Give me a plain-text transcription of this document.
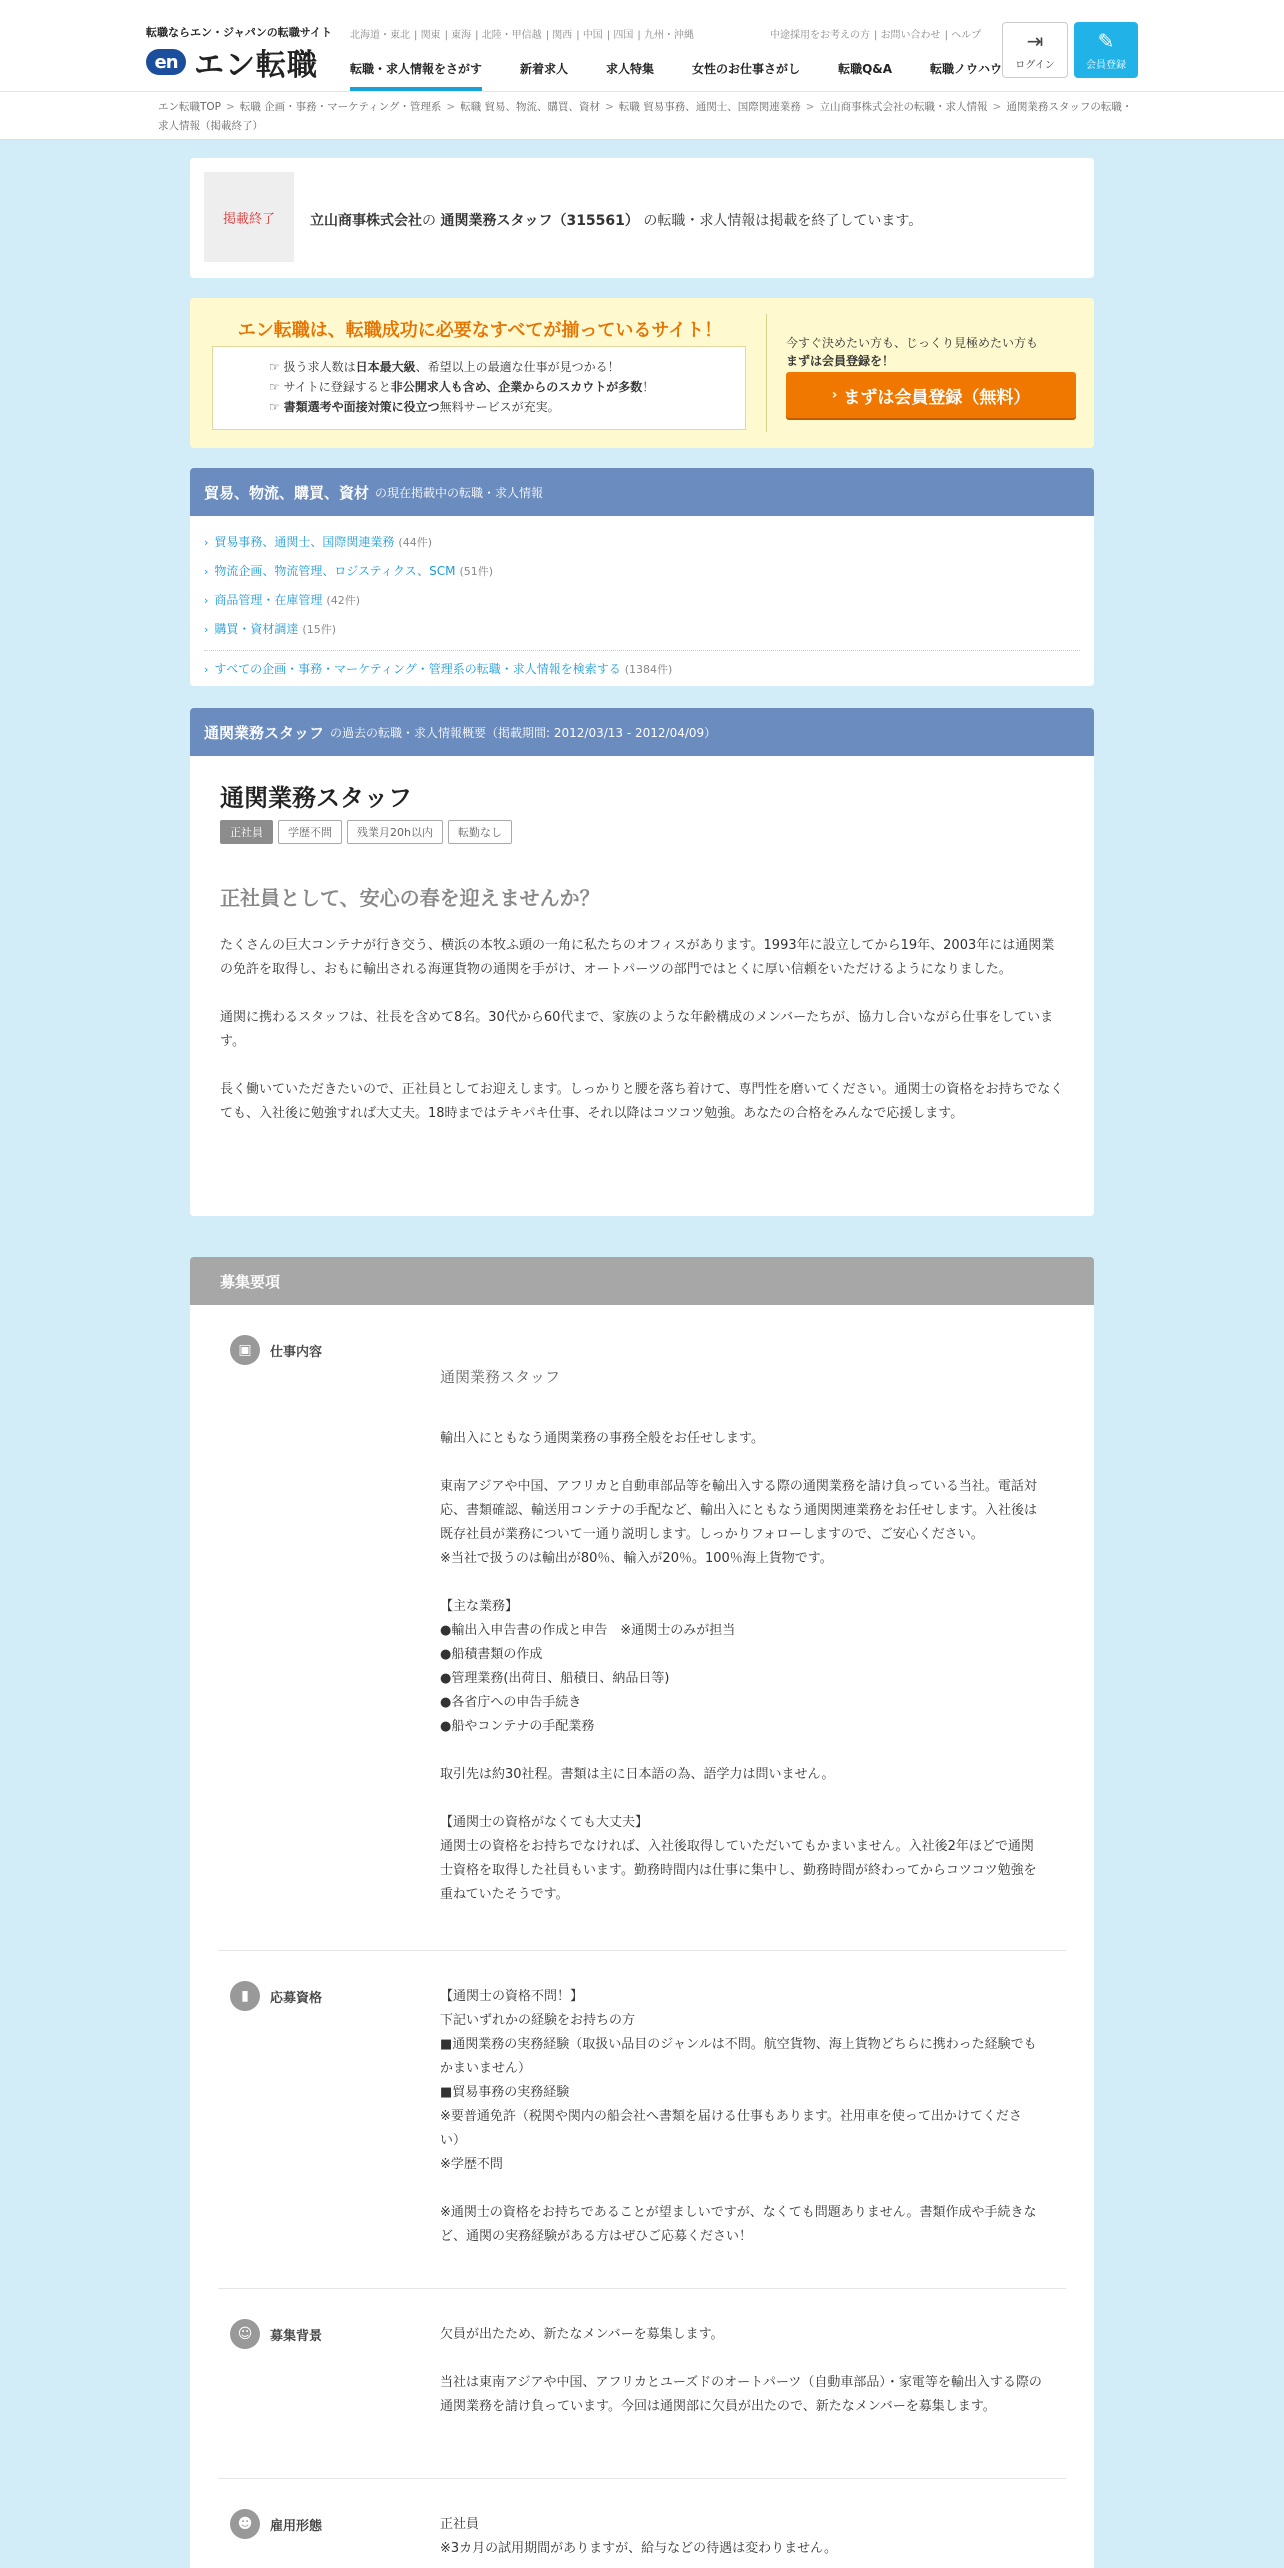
転職ならエン・ジャパンの転職サイト
en エン転職
北海道・東北 | 関東 | 東海 | 北陸・甲信越 | 関西 | 中国 | 四国 | 九州・沖縄	中途採用をお考えの方 | お問い合わせ | ヘルプ
転職・求人情報をさがす	新着求人	求人特集	女性のお仕事さがし	転職Q&A	転職ノウハウ
⇥
ログイン
✎
会員登録
エン転職TOP > 転職 企画・事務・マーケティング・管理系 > 転職 貿易、物流、購買、資材 > 転職 貿易事務、通関士、国際関連業務 > 立山商事株式会社の転職・求人情報 > 通関業務スタッフの転職・求人情報（掲載終了）
掲載終了	立山商事株式会社の 通関業務スタッフ（315561） の転職・求人情報は掲載を終了しています。
エン転職は、転職成功に必要なすべてが揃っているサイト！
☞ 扱う求人数は日本最大級、希望以上の最適な仕事が見つかる！
☞ サイトに登録すると非公開求人も含め、企業からのスカウトが多数！
☞ 書類選考や面接対策に役立つ無料サービスが充実。
今すぐ決めたい方も、じっくり見極めたい方も
まずは会員登録を！
› まずは会員登録（無料）
貿易、物流、購買、資材 の現在掲載中の転職・求人情報
› 貿易事務、通関士、国際関連業務 (44件)
› 物流企画、物流管理、ロジスティクス、SCM (51件)
› 商品管理・在庫管理 (42件)
› 購買・資材調達 (15件)
› すべての企画・事務・マーケティング・管理系の転職・求人情報を検索する (1384件)
通関業務スタッフ の過去の転職・求人情報概要（掲載期間: 2012/03/13 - 2012/04/09）
通関業務スタッフ
正社員	学歴不問	残業月20h以内	転勤なし
正社員として、安心の春を迎えませんか？

たくさんの巨大コンテナが行き交う、横浜の本牧ふ頭の一角に私たちのオフィスがあります。1993年に設立してから19年、2003年には通関業の免許を取得し、おもに輸出される海運貨物の通関を手がけ、オートパーツの部門ではとくに厚い信頼をいただけるようになりました。

通関に携わるスタッフは、社長を含めて8名。30代から60代まで、家族のような年齢構成のメンバーたちが、協力し合いながら仕事をしています。

長く働いていただきたいので、正社員としてお迎えします。しっかりと腰を落ち着けて、専門性を磨いてください。通関士の資格をお持ちでなくても、入社後に勉強すれば大丈夫。18時まではテキパキ仕事、それ以降はコツコツ勉強。あなたの合格をみんなで応援します。

募集要項
▣	仕事内容

通関業務スタッフ

輸出入にともなう通関業務の事務全般をお任せします。

東南アジアや中国、アフリカと自動車部品等を輸出入する際の通関業務を請け負っている当社。電話対応、書類確認、輸送用コンテナの手配など、輸出入にともなう通関関連業務をお任せします。入社後は既存社員が業務について一通り説明します。しっかりフォローしますので、ご安心ください。
※当社で扱うのは輸出が80％、輸入が20％。100％海上貨物です。

【主な業務】
●輸出入申告書の作成と申告　※通関士のみが担当
●船積書類の作成
●管理業務(出荷日、船積日、納品日等)
●各省庁への申告手続き
●船やコンテナの手配業務

取引先は約30社程。書類は主に日本語の為、語学力は問いません。

【通関士の資格がなくても大丈夫】
通関士の資格をお持ちでなければ、入社後取得していただいてもかまいません。入社後2年ほどで通関士資格を取得した社員もいます。勤務時間内は仕事に集中し、勤務時間が終わってからコツコツ勉強を重ねていたそうです。

▮	応募資格	【通関士の資格不問！】
下記いずれかの経験をお持ちの方
■通関業務の実務経験（取扱い品目のジャンルは不問。航空貨物、海上貨物どちらに携わった経験でもかまいません）
■貿易事務の実務経験
※要普通免許（税関や関内の船会社へ書類を届ける仕事もあります。社用車を使って出かけてください）
※学歴不問

※通関士の資格をお持ちであることが望ましいですが、なくても問題ありません。書類作成や手続きなど、通関の実務経験がある方はぜひご応募ください！
☺	募集背景	欠員が出たため、新たなメンバーを募集します。

当社は東南アジアや中国、アフリカとユーズドのオートパーツ（自動車部品）・家電等を輸出入する際の通関業務を請け負っています。今回は通関部に欠員が出たので、新たなメンバーを募集します。
☻	雇用形態	正社員
※3カ月の試用期間がありますが、給与などの待遇は変わりません。
